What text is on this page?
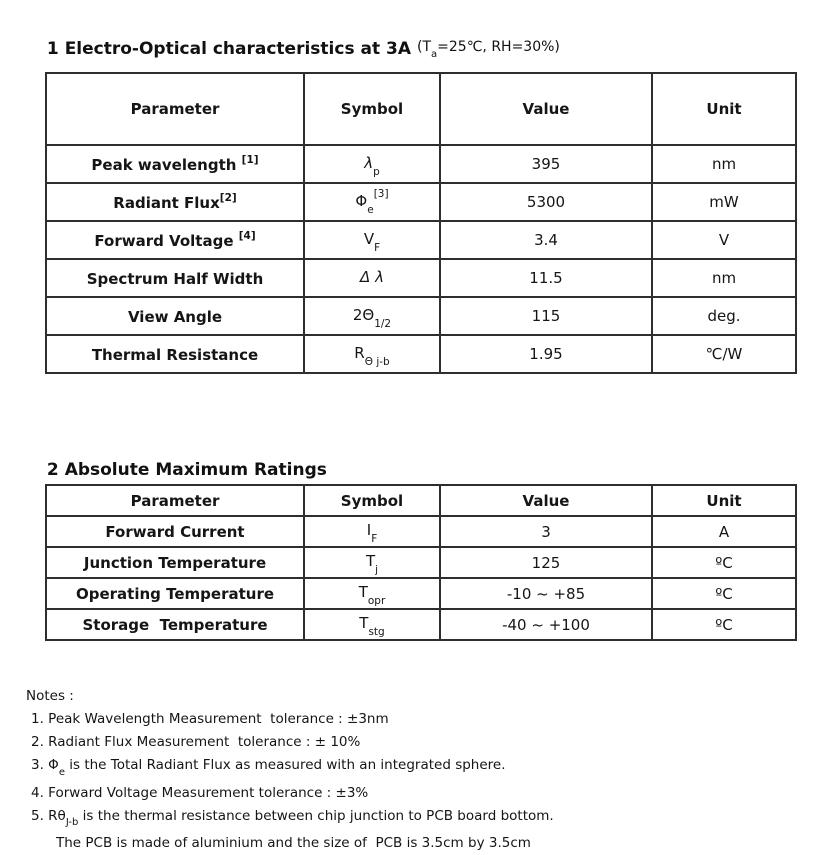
1 Electro-Optical characteristics at 3A ($T_a=25℃$, RH=30%)

Parameter	Symbol	Value	Unit
Peak wavelength [1]	$\lambda_p$	395	nm
Radiant Flux[2]	$\Phi_e[3]$	5300	mW
Forward Voltage [4]	$V_F$	3.4	V
Spectrum Half Width	Δ λ	11.5	nm
View Angle	$2\Theta_{1/2}$	115	deg.
Thermal Resistance	$R_{\Theta j-b}$	1.95	℃/W

2 Absolute Maximum Ratings

Parameter	Symbol	Value	Unit
Forward Current	$I_F$	3	A
Junction Temperature	$T_j$	125	ºC
Operating Temperature	$T_{opr}$	-10 ~ +85	ºC
Storage  Temperature	$T_{stg}$	-40 ~ +100	ºC
Notes :
1. Peak Wavelength Measurement  tolerance : ±3nm
2. Radiant Flux Measurement  tolerance : ± 10%
3. $\Phi_e$ is the Total Radiant Flux as measured with an integrated sphere.
4. Forward Voltage Measurement tolerance : ±3%
5. $R\theta_{J-b}$ is the thermal resistance between chip junction to PCB board bottom.
The PCB is made of aluminium and the size of  PCB is 3.5cm by 3.5cm
